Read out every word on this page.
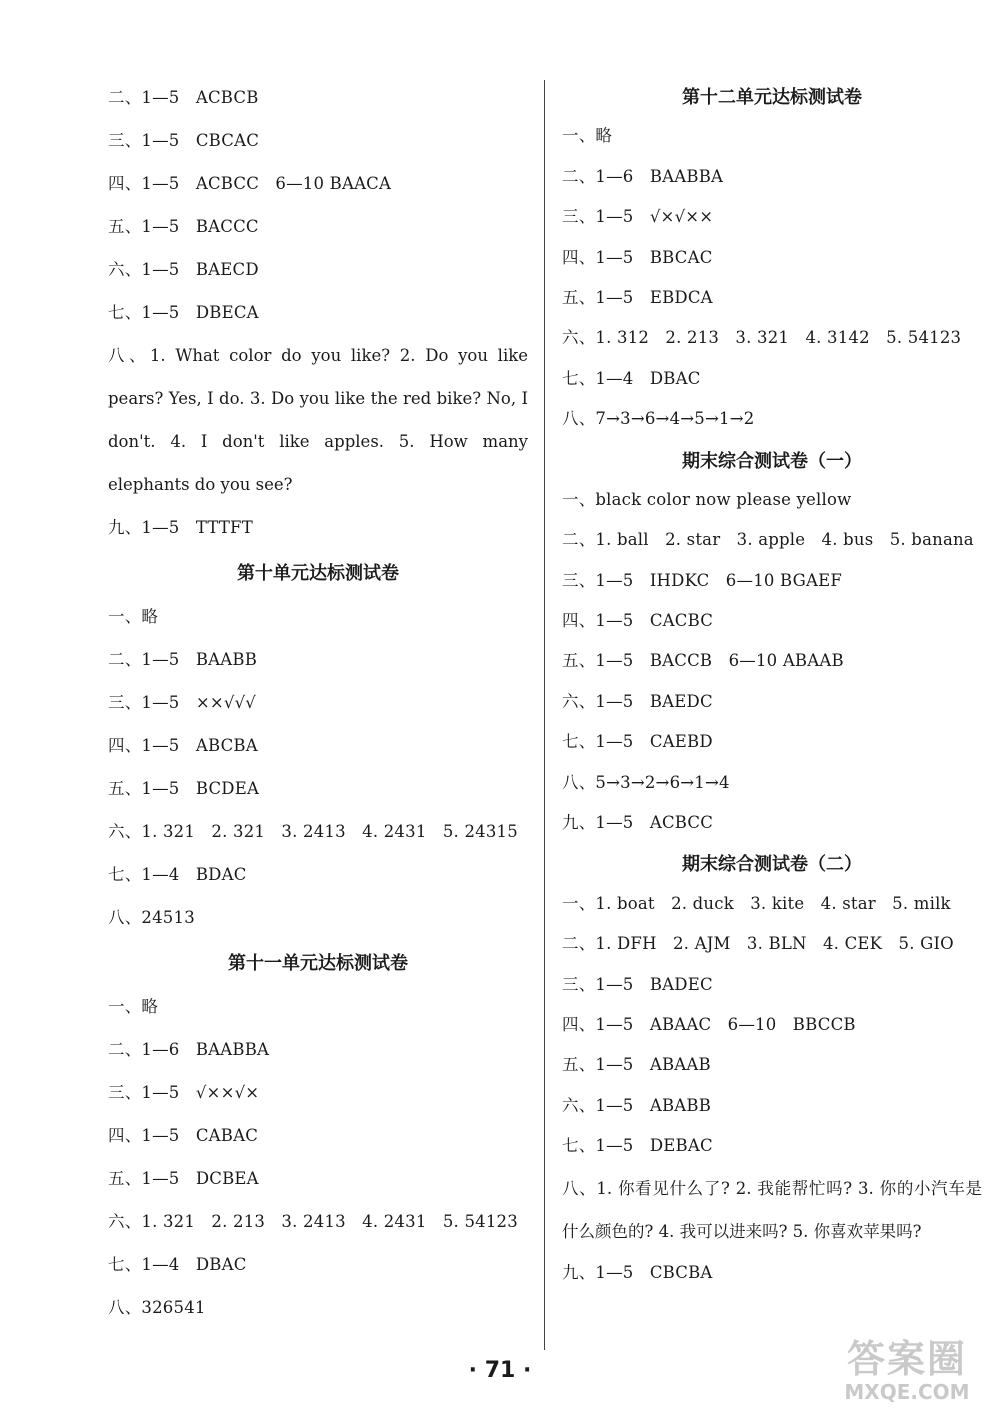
二、1—5   ACBCB
三、1—5   CBCAC
四、1—5   ACBCC   6—10 BAACA
五、1—5   BACCC
六、1—5   BAECD
七、1—5   DBECA
八、1. What color do you like? 2. Do you like pears? Yes, I do. 3. Do you like the red bike? No, I don't. 4. I don't like apples. 5. How many elephants do you see?
九、1—5   TTTFT
第十单元达标测试卷
一、略
二、1—5   BAABB
三、1—5   ××√√√
四、1—5   ABCBA
五、1—5   BCDEA
六、1. 321   2. 321   3. 2413   4. 2431   5. 24315
七、1—4   BDAC
八、24513
第十一单元达标测试卷
一、略
二、1—6   BAABBA
三、1—5   √××√×
四、1—5   CABAC
五、1—5   DCBEA
六、1. 321   2. 213   3. 2413   4. 2431   5. 54123
七、1—4   DBAC
八、326541
第十二单元达标测试卷
一、略
二、1—6   BAABBA
三、1—5   √×√××
四、1—5   BBCAC
五、1—5   EBDCA
六、1. 312   2. 213   3. 321   4. 3142   5. 54123
七、1—4   DBAC
八、7→3→6→4→5→1→2
期末综合测试卷（一）
一、black color now please yellow
二、1. ball   2. star   3. apple   4. bus   5. banana
三、1—5   IHDKC   6—10 BGAEF
四、1—5   CACBC
五、1—5   BACCB   6—10 ABAAB
六、1—5   BAEDC
七、1—5   CAEBD
八、5→3→2→6→1→4
九、1—5   ACBCC
期末综合测试卷（二）
一、1. boat   2. duck   3. kite   4. star   5. milk
二、1. DFH   2. AJM   3. BLN   4. CEK   5. GIO
三、1—5   BADEC
四、1—5   ABAAC   6—10   BBCCB
五、1—5   ABAAB
六、1—5   ABABB
七、1—5   DEBAC
八、1. 你看见什么了? 2. 我能帮忙吗? 3. 你的小汽车是什么颜色的? 4. 我可以进来吗? 5. 你喜欢苹果吗?
九、1—5   CBCBA
· 71 ·	答案圈
MXQE.COM
